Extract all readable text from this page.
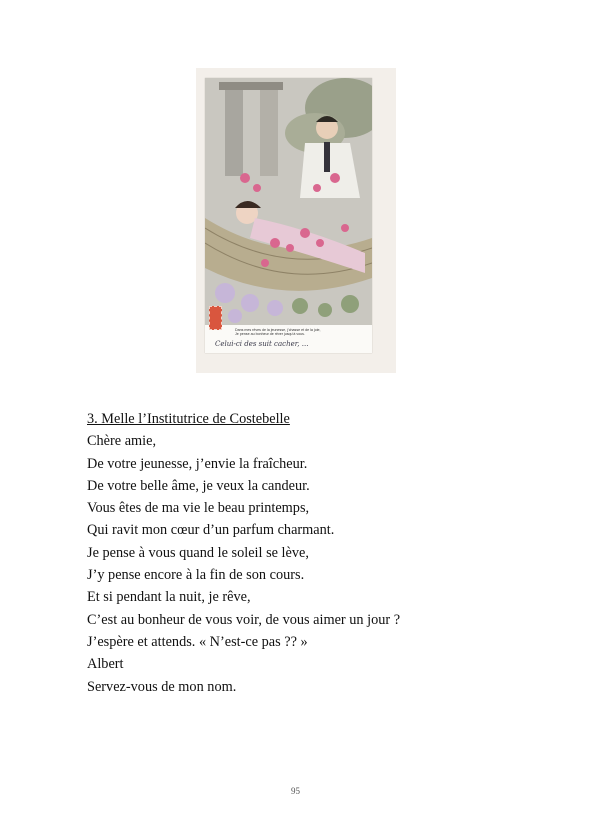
Dans mes rêves de la jeunesse, j’chasse et de la joie,
Je pense au bonheur de rêver jusqu’à vous.
Celui-ci des suit cacher, ...
3. Melle l’Institutrice de Costebelle
Chère amie,
De votre jeunesse, j’envie la fraîcheur.
De votre belle âme, je veux la candeur.
Vous êtes de ma vie le beau printemps,
Qui ravit mon cœur d’un parfum charmant.
Je pense à vous quand le soleil se lève,
J’y pense encore à la fin de son cours.
Et si pendant la nuit, je rêve,
C’est au bonheur de vous voir, de vous aimer un jour ?
J’espère et attends. « N’est-ce pas ?? »
Albert
Servez-vous de mon nom.
95
